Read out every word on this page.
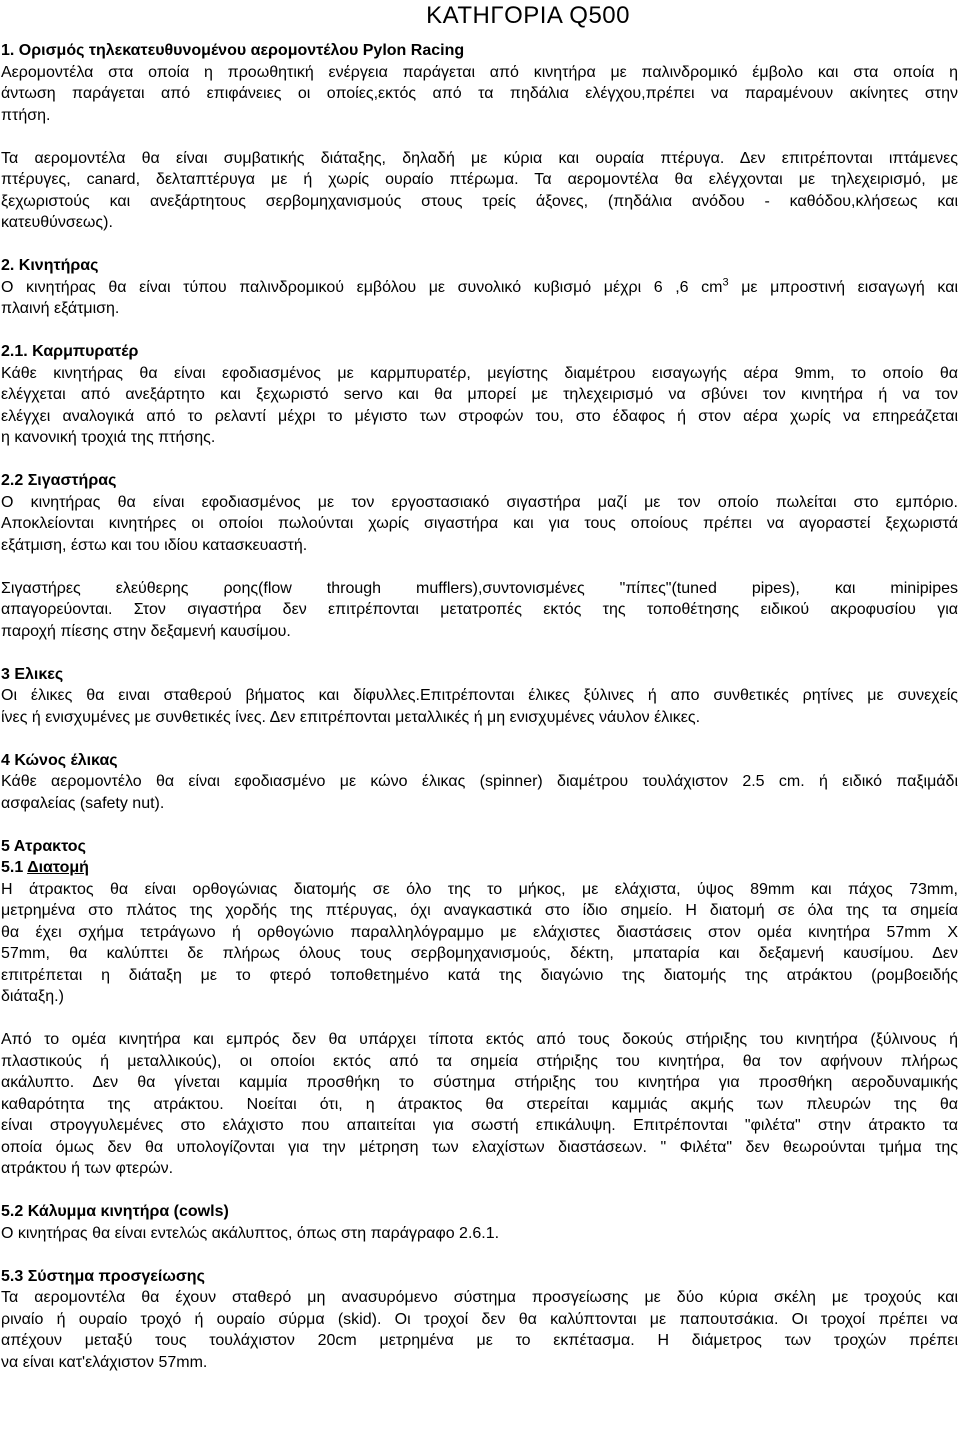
ΚΑΤΗΓΟΡΙΑ Q500
1. Ορισμός τηλεκατευθυνομένου αερομοντέλου Pylon Racing
Αερομοντέλα στα οποία η προωθητική ενέργεια παράγεται από κινητήρα με παλινδρομικό έμβολο και στα οποία η
άντωση παράγεται από επιφάνειες οι οποίες,εκτός από τα πηδάλια ελέγχου,πρέπει να παραμένουν ακίνητες στην
πτήση.
Τα αερομοντέλα θα είναι συμβατικής διάταξης, δηλαδή με κύρια και ουραία πτέρυγα. Δεν επιτρέπονται ιπτάμενες
πτέρυγες, canard, δελταπτέρυγα με ή χωρίς ουραίο πτέρωμα. Τα αερομοντέλα θα ελέγχονται με τηλεχειρισμό, με
ξεχωριστούς και ανεξάρτητους σερβομηχανισμούς στους τρείς άξονες, (πηδάλια ανόδου - καθόδου,κλήσεως και
κατευθύνσεως).
2. Κινητήρας
Ο κινητήρας θα είναι τύπου παλινδρομικού εμβόλου με συνολικό κυβισμό μέχρι 6 ,6 $cm^3$ με μπροστινή εισαγωγή και
πλαινή εξάτμιση.
2.1. Καρμπυρατέρ
Κάθε κινητήρας θα είναι εφοδιασμένος με καρμπυρατέρ, μεγίστης διαμέτρου εισαγωγής αέρα 9mm, το οποίο θα
ελέγχεται από ανεξάρτητο και ξεχωριστό servo και θα μπορεί με τηλεχειρισμό να σβύνει τον κινητήρα ή να τον
ελέγχει αναλογικά από το ρελαντί μέχρι το μέγιστο των στροφών του, στο έδαφος ή στον αέρα χωρίς να επηρεάζεται
η κανονική τροχιά της πτήσης.
2.2 Σιγαστήρας
Ο κινητήρας θα είναι εφοδιασμένος με τον εργοστασιακό σιγαστήρα μαζί με τον οποίο πωλείται στο εμπόριο.
Αποκλείονται κινητήρες οι οποίοι πωλούνται χωρίς σιγαστήρα και για τους οποίους πρέπει να αγοραστεί ξεχωριστά
εξάτμιση, έστω και του ιδίου κατασκευαστή.
Σιγαστήρες ελεύθερης ροης(flow through mufflers),συντονισμένες "πίπες"(tuned pipes), και minipipes
απαγορεύονται. Στον σιγαστήρα δεν επιτρέπονται μετατροπές εκτός της τοποθέτησης ειδικού ακροφυσίου για
παροχή πίεσης στην δεξαμενή καυσίμου.
3 Ελικες
Οι έλικες θα ειναι σταθερού βήματος και δίφυλλες.Επιτρέπονται έλικες ξύλινες ή απο συνθετικές ρητίνες με συνεχείς
ίνες ή ενισχυμένες με συνθετικές ίνες. Δεν επιτρέπονται μεταλλικές ή μη ενισχυμένες νάυλον έλικες.
4 Κώνος έλικας
Κάθε αερομοντέλο θα είναι εφοδιασμένο με κώνο έλικας (spinner) διαμέτρου τουλάχιστον 2.5 cm. ή ειδικό παξιμάδι
ασφαλείας (safety nut).
5 Ατρακτος
5.1 Διατομή
Η άτρακτος θα είναι ορθογώνιας διατομής σε όλο της το μήκος, με ελάχιστα, ύψος 89mm και πάχος 73mm,
μετρημένα στο πλάτος της χορδής της πτέρυγας, όχι αναγκαστικά στο ίδιο σημείο. Η διατομή σε όλα της τα σημεία
θα έχει σχήμα τετράγωνο ή ορθογώνιο παραλληλόγραμμο με ελάχιστες διαστάσεις στον ομέα κινητήρα 57mm X
57mm, θα καλύπτει δε πλήρως όλους τους σερβομηχανισμούς, δέκτη, μπαταρία και δεξαμενή καυσίμου. Δεν
επιτρέπεται η διάταξη με το φτερό τοποθετημένο κατά της διαγώνιο της διατομής της ατράκτου (ρομβοειδής
διάταξη.)
Από το ομέα κινητήρα και εμπρός δεν θα υπάρχει τίποτα εκτός από τους δοκούς στήριξης του κινητήρα (ξύλινους ή
πλαστικούς ή μεταλλικούς), οι οποίοι εκτός από τα σημεία στήριξης του κινητήρα, θα τον αφήνουν πλήρως
ακάλυπτο. Δεν θα γίνεται καμμία προσθήκη το σύστημα στήριξης του κινητήρα για προσθήκη αεροδυναμικής
καθαρότητα της ατράκτου. Νοείται ότι, η άτρακτος θα στερείται καμμιάς ακμής των πλευρών της θα
είναι στρογγυλεμένες στο ελάχιστο που απαιτείται για σωστή επικάλυψη. Επιτρέπονται "φιλέτα" στην άτρακτο τα
οποία όμως δεν θα υπολογίζονται για την μέτρηση των ελαχίστων διαστάσεων. " Φιλέτα" δεν θεωρούνται τμήμα της
ατράκτου ή των φτερών.
5.2 Κάλυμμα κινητήρα (cowls)
Ο κινητήρας θα είναι εντελώς ακάλυπτος, όπως στη παράγραφο 2.6.1.
5.3 Σύστημα προσγείωσης
Τα αερομοντέλα θα έχουν σταθερό μη ανασυρόμενο σύστημα προσγείωσης με δύο κύρια σκέλη με τροχούς και
ριναίο ή ουραίο τροχό ή ουραίο σύρμα (skid). Οι τροχοί δεν θα καλύπτονται με παπουτσάκια. Οι τροχοί πρέπει να
απέχουν μεταξύ τους τουλάχιστον 20cm μετρημένα με το εκπέτασμα. Η διάμετρος των τροχών πρέπει
να είναι κατ'ελάχιστον 57mm.
